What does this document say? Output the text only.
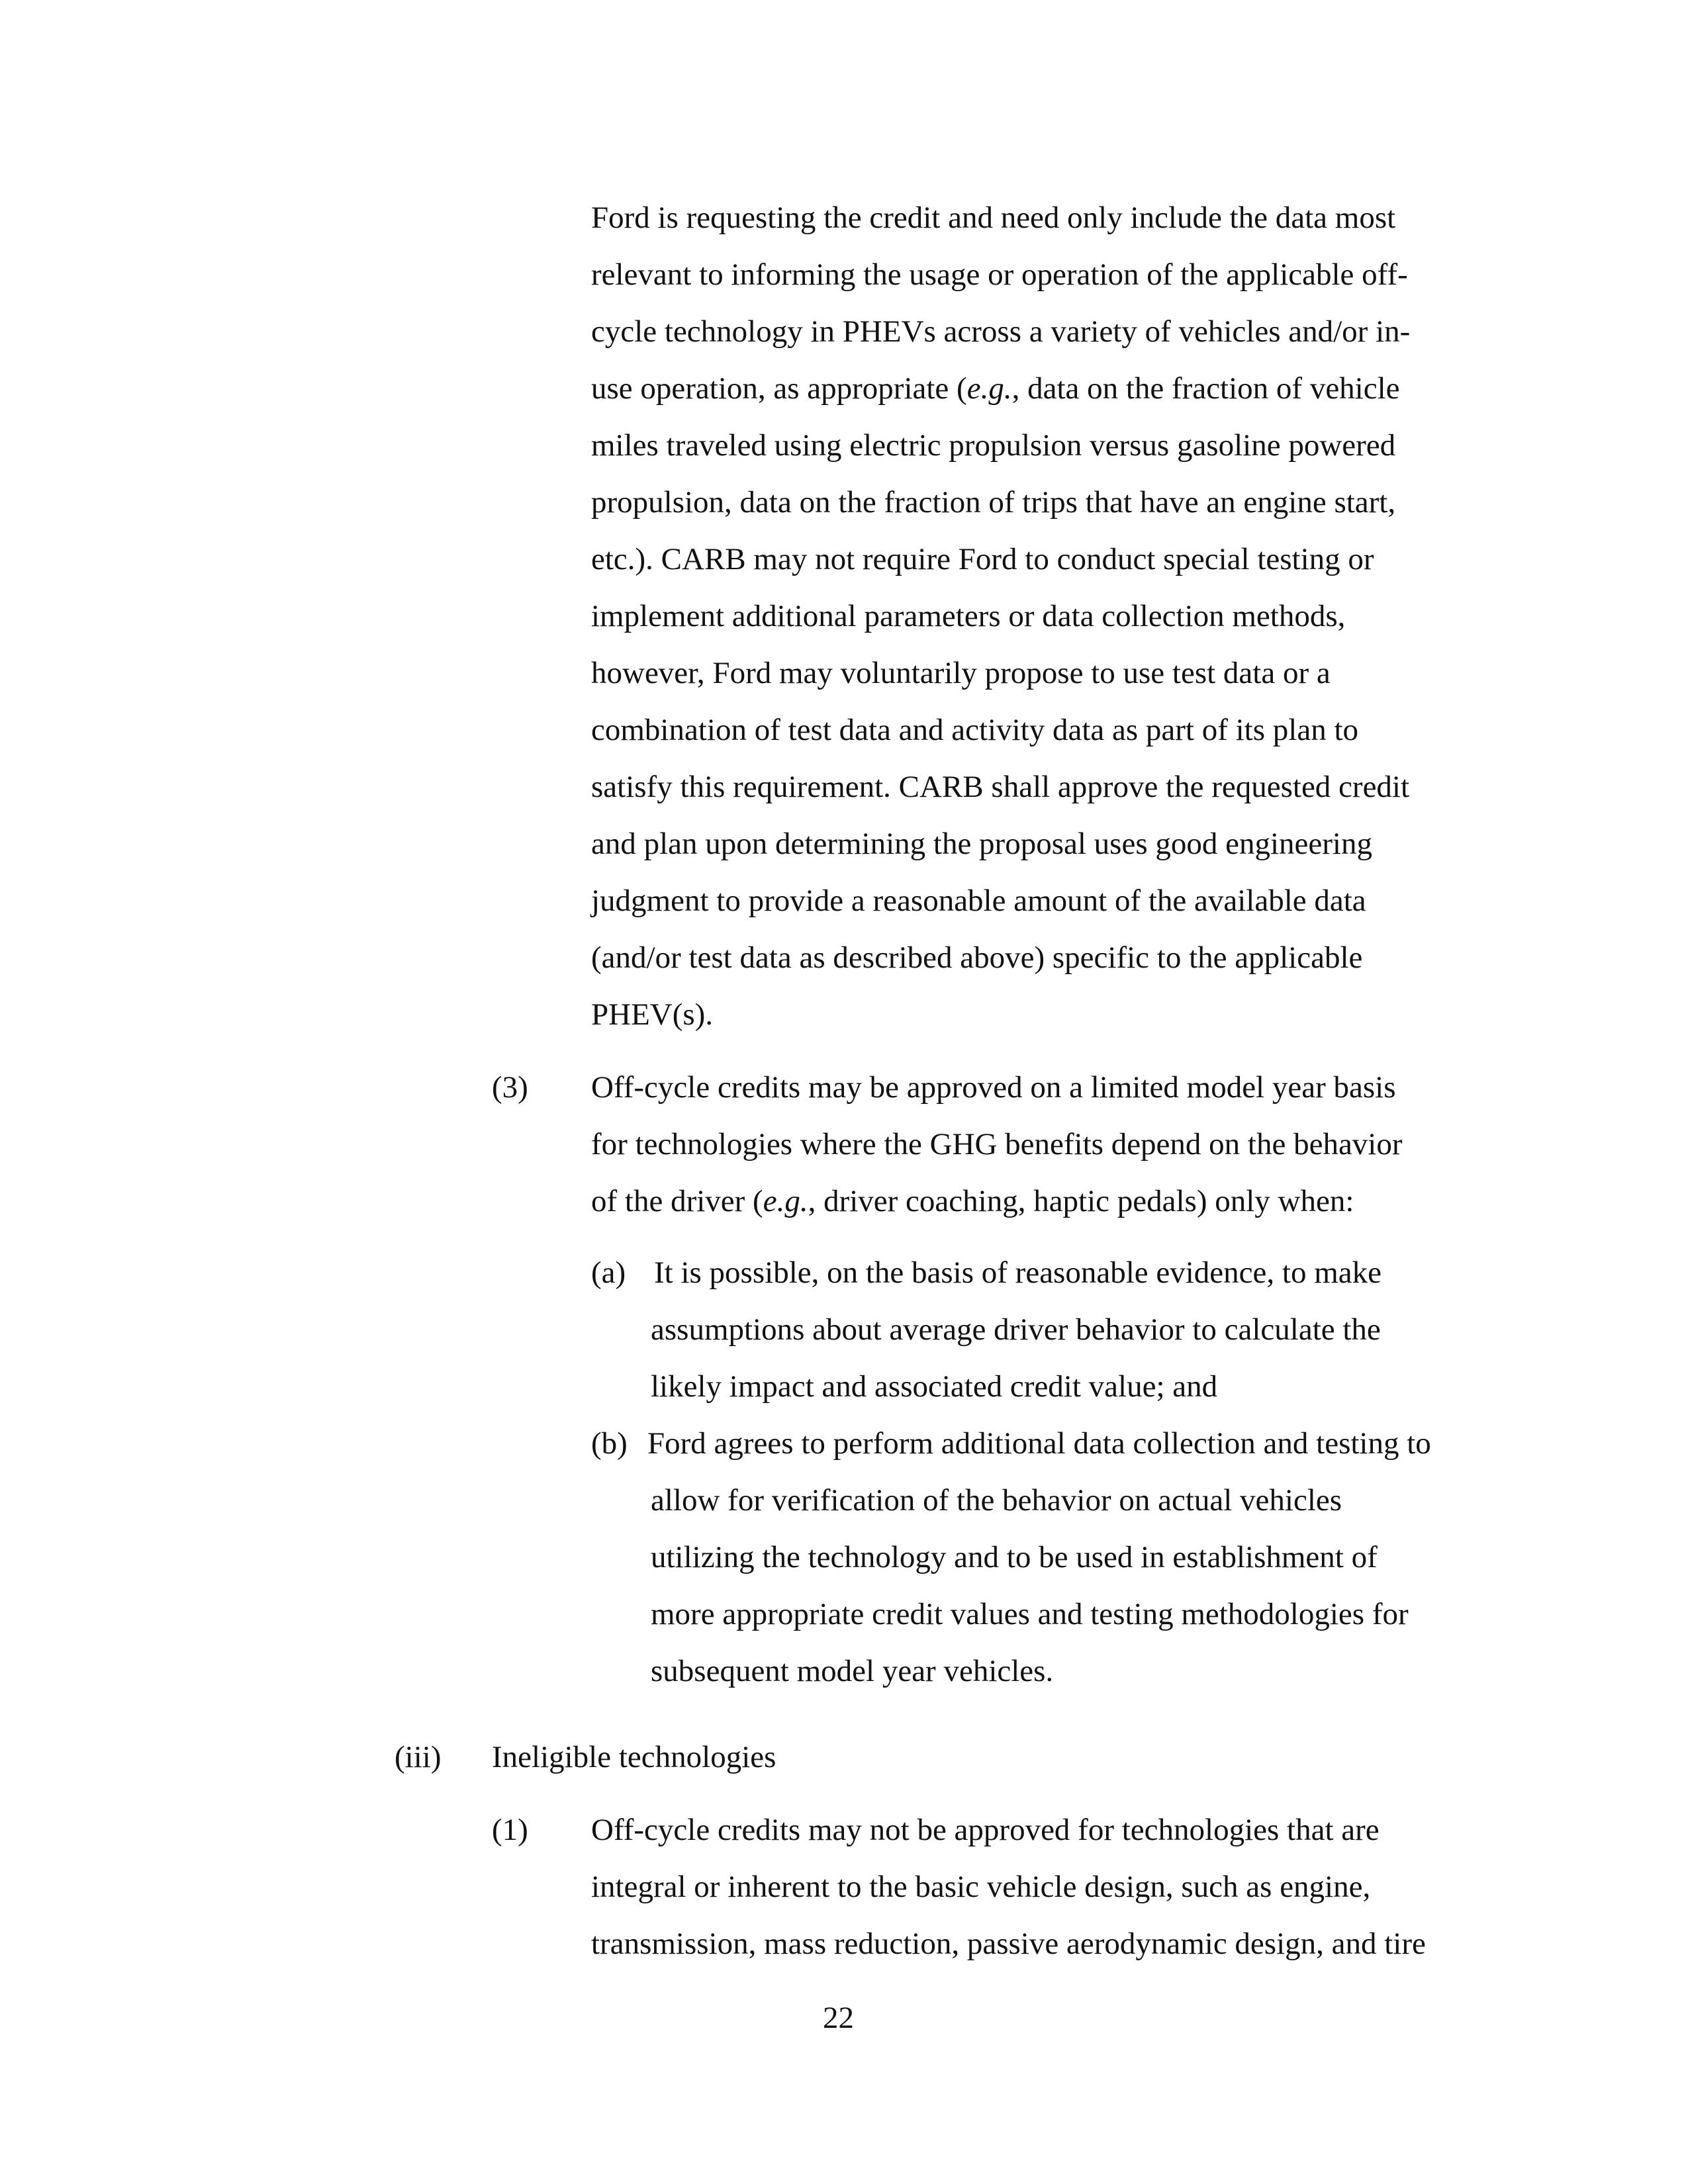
Ford is requesting the credit and need only include the data most
relevant to informing the usage or operation of the applicable off-
cycle technology in PHEVs across a variety of vehicles and/or in-
use operation, as appropriate (e.g., data on the fraction of vehicle
miles traveled using electric propulsion versus gasoline powered
propulsion, data on the fraction of trips that have an engine start,
etc.). CARB may not require Ford to conduct special testing or
implement additional parameters or data collection methods,
however, Ford may voluntarily propose to use test data or a
combination of test data and activity data as part of its plan to
satisfy this requirement. CARB shall approve the requested credit
and plan upon determining the proposal uses good engineering
judgment to provide a reasonable amount of the available data
(and/or test data as described above) specific to the applicable
PHEV(s).
(3) Off-cycle credits may be approved on a limited model year basis
for technologies where the GHG benefits depend on the behavior
of the driver (e.g., driver coaching, haptic pedals) only when:
(a) It is possible, on the basis of reasonable evidence, to make
assumptions about average driver behavior to calculate the
likely impact and associated credit value; and
(b) Ford agrees to perform additional data collection and testing to
allow for verification of the behavior on actual vehicles
utilizing the technology and to be used in establishment of
more appropriate credit values and testing methodologies for
subsequent model year vehicles.
(iii) Ineligible technologies
(1) Off-cycle credits may not be approved for technologies that are
integral or inherent to the basic vehicle design, such as engine,
transmission, mass reduction, passive aerodynamic design, and tire
22
